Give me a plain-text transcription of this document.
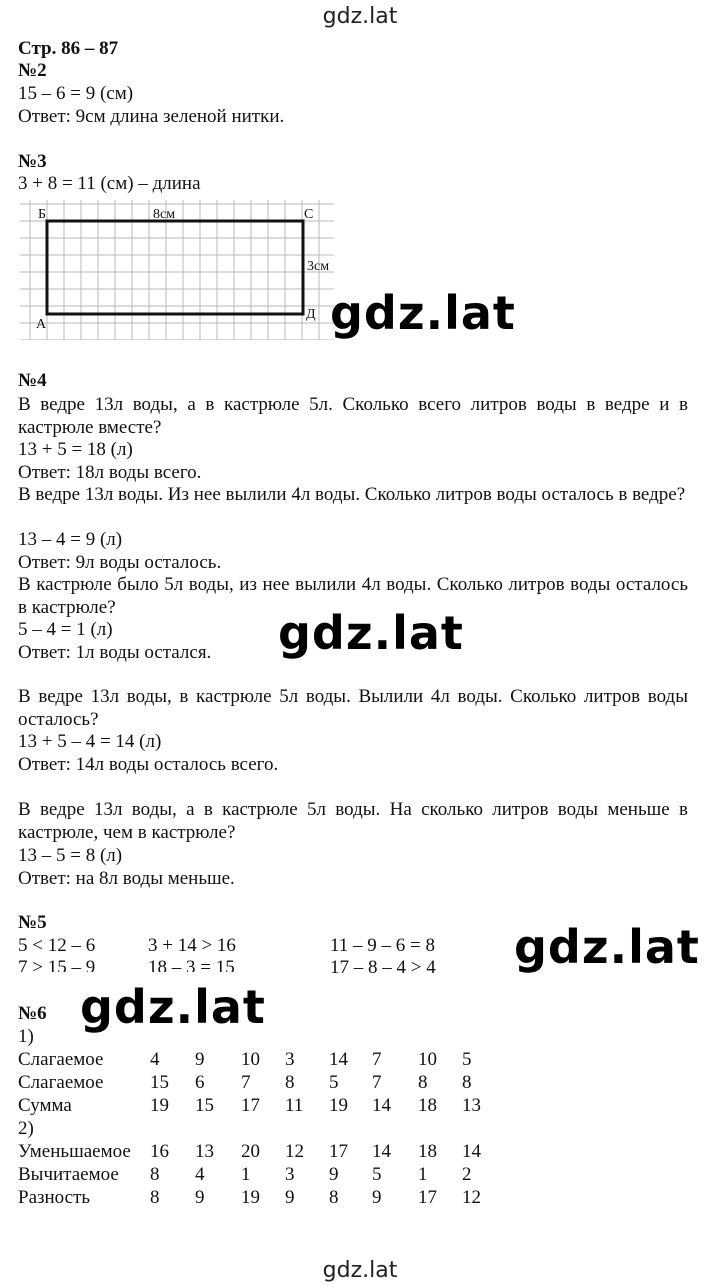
gdz.lat
gdz.lat
Стр. 86 – 87
№2
15 – 6 = 9 (см)
Ответ: 9см длина зеленой нитки.
№3
3 + 8 = 11 (см) – длина
Б	С
А
Д
8см
3см
№4
В ведре 13л воды, а в кастрюле 5л. Сколько всего литров воды в ведре и в кастрюле вместе?
13 + 5 = 18 (л)
Ответ: 18л воды всего.
В ведре 13л воды. Из нее вылили 4л воды. Сколько литров воды осталось в ведре?
13 – 4 = 9 (л)
Ответ: 9л воды осталось.
В кастрюле было 5л воды, из нее вылили 4л воды. Сколько литров воды осталось в кастрюле?
5 – 4 = 1 (л)
Ответ: 1л воды остался.
В ведре 13л воды, в кастрюле 5л воды. Вылили 4л воды. Сколько литров воды осталось?
13 + 5 – 4 = 14 (л)
Ответ: 14л воды осталось всего.
В ведре 13л воды, а в кастрюле 5л воды. На сколько литров воды меньше в кастрюле, чем в кастрюле?
13 – 5 = 8 (л)
Ответ: на 8л воды меньше.
№5
5 < 12 – 6	3 + 14 > 16	11 – 9 – 6 = 8
7 > 15 – 9	18 – 3 = 15	17 – 8 – 4 > 4
№6
1)
Слагаемое 4 9 10 3 14 7 10 5
Слагаемое 15 6 7 8 5 7 8 8
Сумма	19 15 17 11 19 14 18 13
2)
Уменьшаемое 16 13 20 12 17 14 18 14
Вычитаемое 8 4 1 3 9 5 1 2
Разность	8 9 19 9 8 9 17 12
gdz.lat
gdz.lat
gdz.lat
gdz.lat
